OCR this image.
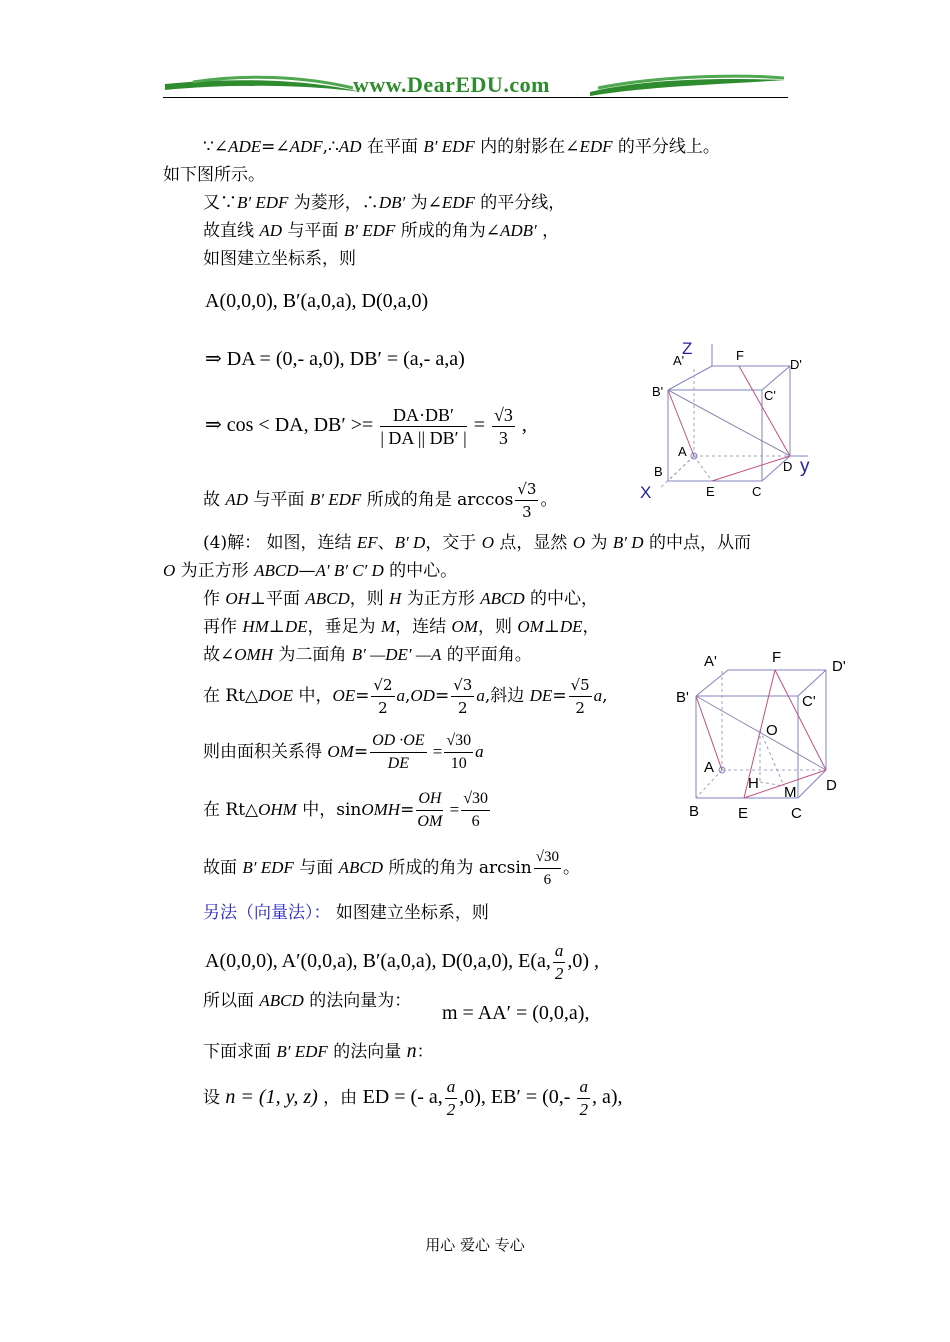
www.DearEDU.com
∵∠ADE=∠ADF,∴AD 在平面 B′ EDF 内的射影在∠EDF 的平分线上。
如下图所示。
又∵B′ EDF 为菱形，∴DB′ 为∠EDF 的平分线，
故直线 AD 与平面 B′ EDF 所成的角为∠ADB′ ，
如图建立坐标系，则
A(0,0,0), B′(a,0,a), D(0,a,0)
⇒ DA = (0,- a,0), DB′ = (a,- a,a)
⇒ cos < DA, $DB' >= \frac{DA\cdot DB'}{| DA || DB' |} = \frac{√3}{3}$ ,
故 AD 与平面 B′ EDF 所成的角是 $\arccos \frac{√3}{3}$ 。
(4)解： 如图，连结 EF、B′ D，交于 O 点，显然 O 为 B′ D 的中点，从而
O 为正方形 ABCD—A′ B′ C′ D 的中心。
作 OH⊥平面 ABCD，则 H 为正方形 ABCD 的中心，
再作 HM⊥DE，垂足为 M，连结 OM，则 OM⊥DE，
故∠OMH 为二面角 B′ —DE′ —A 的平面角。
在 Rt△DOE 中，$OE= \frac{√2}{2} a,OD= \frac{√3}{2} a$,斜边 $DE= \frac{√5}{2} a$,
则由面积关系得 $OM= \frac{OD \cdot OE}{DE} = \frac{√30}{10}$ a
在 Rt△OHM 中，sinOMH= $\frac{OH}{OM} = \frac{√30}{6}$
故面 B′ EDF 与面 ABCD 所成的角为 $\arcsin \frac{√30}{6}$ 。
另法（向量法）： 如图建立坐标系，则
A(0,0,0), A′(0,0,a), B′(a,0,a), D(0,a,0), E(a, $\frac{a}{2} ,0$) ,
所以面 ABCD 的法向量为：
m = AA′ = (0,0,a),
下面求面 B′ EDF 的法向量 n：
设 n = (1, y, z) ，由 ED = (- a, $\frac{a}{2} ,0$), $EB' = (0,- \frac{a}{2}$ , a),
Z
A'	F
D'
B'	C'
A
B	D y
X	E	C
A'	F
D'
B'	C'
O
A
H
M D
B	E	C
用心 爱心 专心
